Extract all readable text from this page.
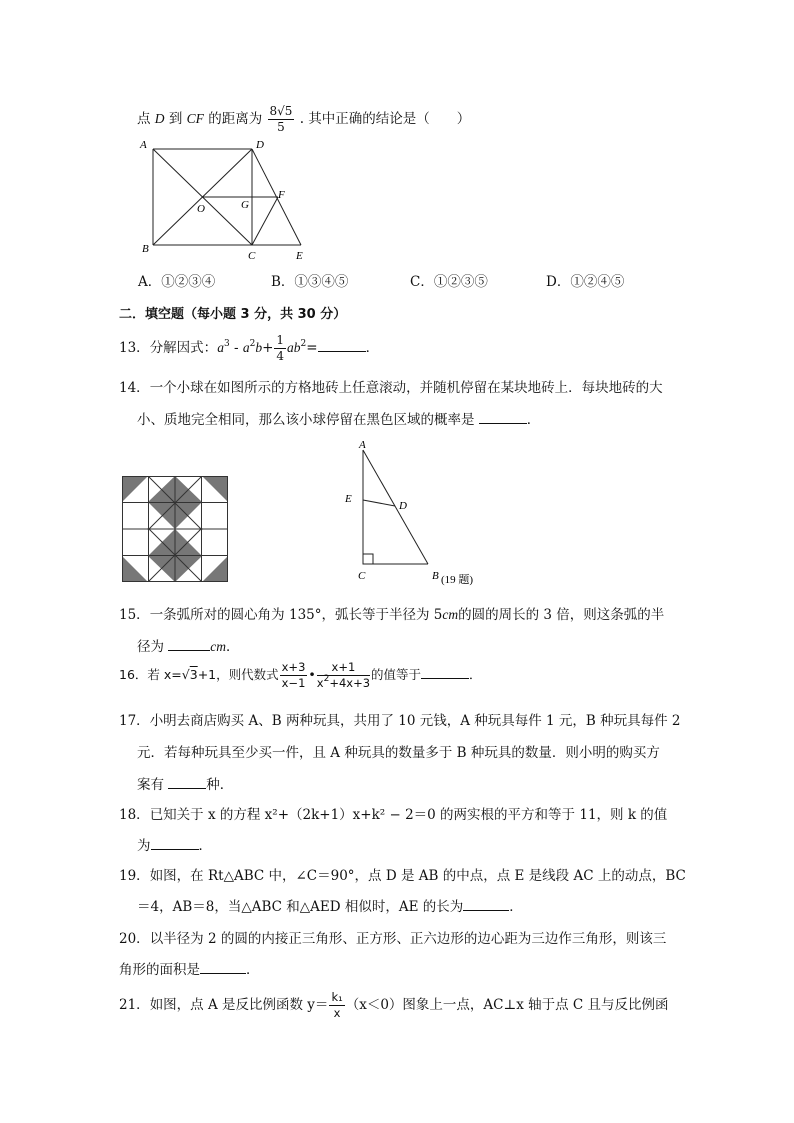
点 D 到 CF 的距离为 $\frac{8√5}{5}$ . 其中正确的结论是（　　）
A	D
O	G
F
B
C	E
A．①②③④	B．①③④⑤	C．①②③⑤	D．①②④⑤
二．填空题（每小题 3 分，共 30 分）
13．分解因式：$a^3 - a^2b+ \frac{1}{4} ab^2=$	．
14．一个小球在如图所示的方格地砖上任意滚动，并随机停留在某块地砖上．每块地砖的大
小、质地完全相同，那么该小球停留在黑色区域的概率是	．
A
E
D
C	B (19 题)
15．一条弧所对的圆心角为 135°，弧长等于半径为 5cm的圆的周长的 3 倍，则这条弧的半
径为	cm．
16．若 x=√3+1，则代数式 $\frac{x+3}{x-1}$ • $\frac{x+1}{x^2+4x+3}$ 的值等于	．
17．小明去商店购买 A、B 两种玩具，共用了 10 元钱，A 种玩具每件 1 元，B 种玩具每件 2
元．若每种玩具至少买一件，且 A 种玩具的数量多于 B 种玩具的数量．则小明的购买方
案有	种．
18．已知关于 x 的方程 x²+（2k+1）x+k² − 2＝0 的两实根的平方和等于 11，则 k 的值
为	．
19．如图，在 Rt△ABC 中，∠C＝90°，点 D 是 AB 的中点，点 E 是线段 AC 上的动点，BC
＝4，AB＝8，当△ABC 和△AED 相似时，AE 的长为	．
20．以半径为 2 的圆的内接正三角形、正方形、正六边形的边心距为三边作三角形，则该三
角形的面积是	．
21．如图，点 A 是反比例函数 $y= \frac{\text{k₁}}{x} (x<0)$图象上一点，AC⊥x 轴于点 C 且与反比例函
